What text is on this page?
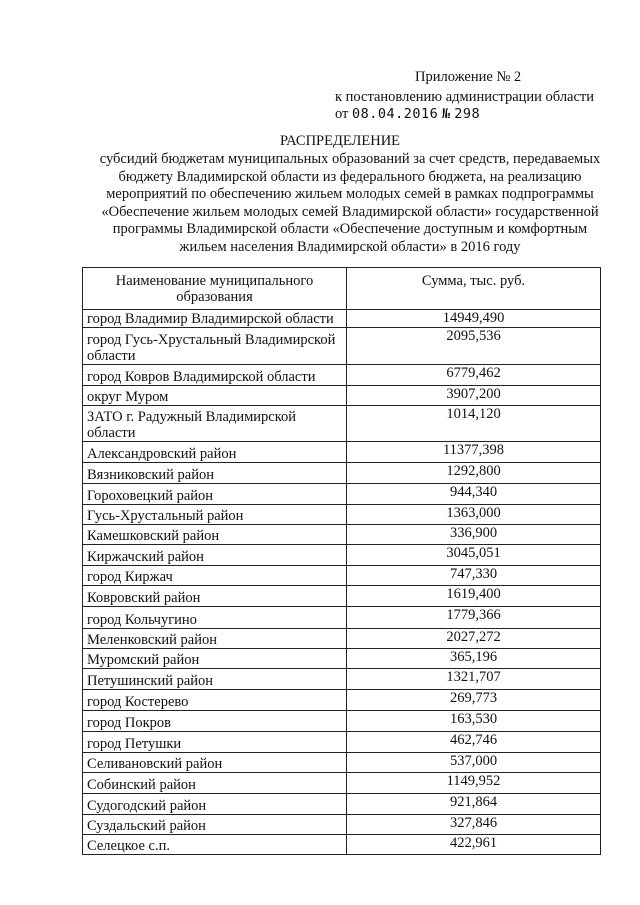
Приложение № 2
к постановлению администрации области
от 08.04.2016 № 298
РАСПРЕДЕЛЕНИЕ
субсидий бюджетам муниципальных образований за счет средств, передаваемых
бюджету Владимирской области из федерального бюджета, на реализацию
мероприятий по обеспечению жильем молодых семей в рамках подпрограммы
«Обеспечение жильем молодых семей Владимирской области» государственной
программы Владимирской области «Обеспечение доступным и комфортным
жильем населения Владимирской области» в 2016 году
Наименование муниципального образования	Сумма, тыс. руб.
город Владимир Владимирской области	14949,490
город Гусь-Хрустальный Владимирской области	2095,536
город Ковров Владимирской области	6779,462
округ Муром	3907,200
ЗАТО г. Радужный Владимирской области	1014,120
Александровский район	11377,398
Вязниковский район	1292,800
Гороховецкий район	944,340
Гусь-Хрустальный район	1363,000
Камешковский район	336,900
Киржачский район	3045,051
город Киржач	747,330
Ковровский район	1619,400
город Кольчугино	1779,366
Меленковский район	2027,272
Муромский район	365,196
Петушинский район	1321,707
город Костерево	269,773
город Покров	163,530
город Петушки	462,746
Селивановский район	537,000
Собинский район	1149,952
Судогодский район	921,864
Суздальский район	327,846
Селецкое с.п.	422,961
